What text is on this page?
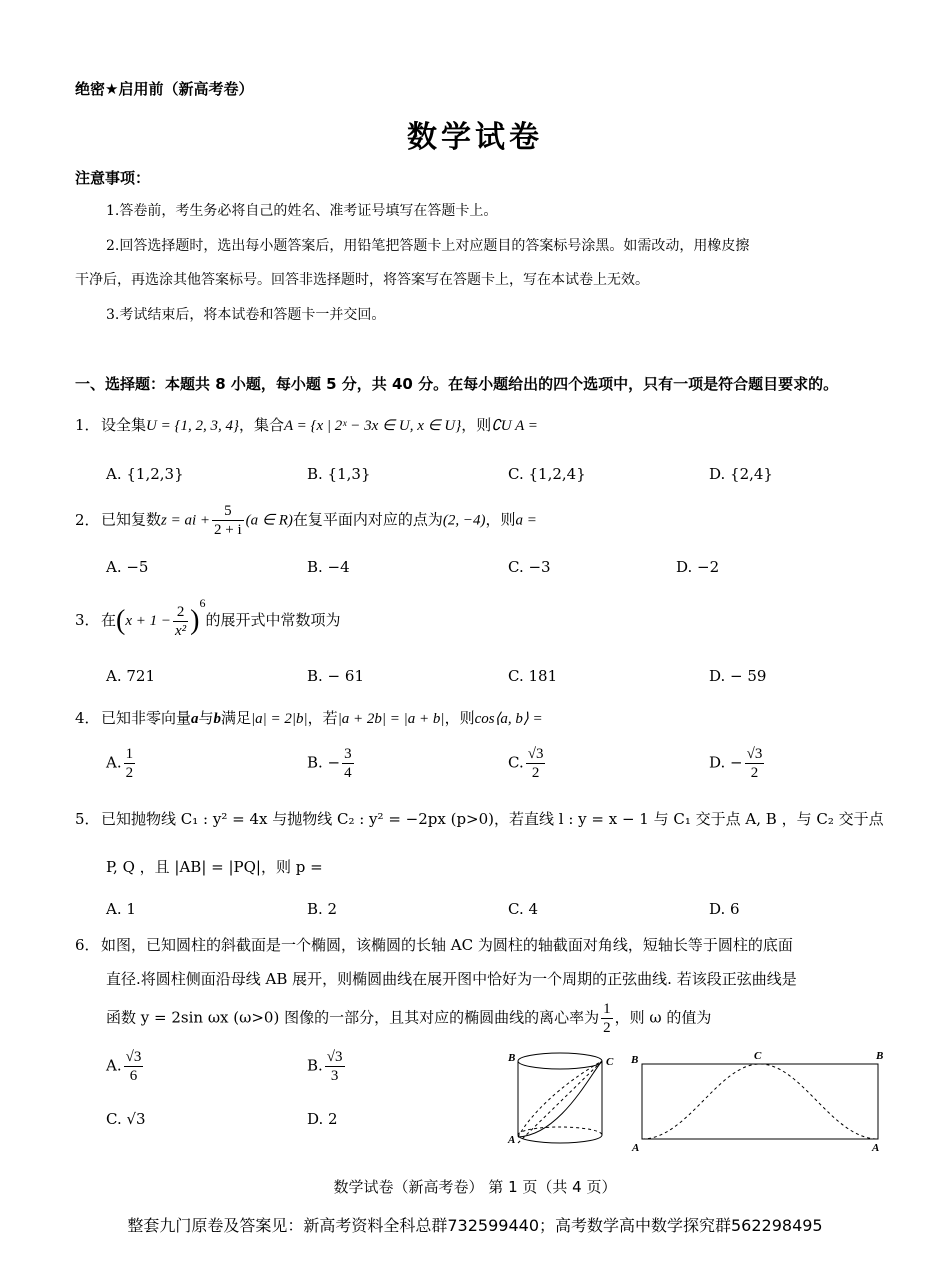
绝密★启用前（新高考卷）
数学试卷
注意事项：
1.答卷前，考生务必将自己的姓名、准考证号填写在答题卡上。
2.回答选择题时，选出每小题答案后，用铅笔把答题卡上对应题目的答案标号涂黑。如需改动，用橡皮擦
干净后，再选涂其他答案标号。回答非选择题时，将答案写在答题卡上，写在本试卷上无效。
3.考试结束后，将本试卷和答题卡一并交回。
一、选择题：本题共 8 小题，每小题 5 分，共 40 分。在每小题给出的四个选项中，只有一项是符合题目要求的。
1．设全集U = {1, 2, 3, 4}，集合A = {x | 2ˣ − 3x ∈ U, x ∈ U}，则∁U A =
A. {1,2,3}	B. {1,3}	C. {1,2,4}	D. {2,4}
2．已知复数z = ai + $\frac{5}{2 + i} (a$ ∈ R)在复平面内对应的点为(2, −4)，则a =
A. −5	B. −4	C. −3	D. −2
3．在$(x + 1 - \frac{2}{\text{x²}} )^6$的展开式中常数项为
A. 721	B. − 61	C. 181	D. − 59
4．已知非零向量a与b满足|a| = 2|b|，若|a + 2b| = |a + b|，则cos⟨a, b⟩ =
A. $\frac{1}{2}$	B. − $\frac{3}{4}$	C. $\frac{√3}{2}$	D. − $\frac{√3}{2}$
5．已知抛物线 C₁ : y² = 4x 与抛物线 C₂ : y² = −2px (p>0)，若直线 l : y = x − 1 与 C₁ 交于点 A, B ，与 C₂ 交于点
P, Q ，且 |AB| = |PQ|，则 p =
A. 1	B. 2	C. 4	D. 6
6．如图，已知圆柱的斜截面是一个椭圆，该椭圆的长轴 AC 为圆柱的轴截面对角线，短轴长等于圆柱的底面
直径.将圆柱侧面沿母线 AB 展开，则椭圆曲线在展开图中恰好为一个周期的正弦曲线. 若该段正弦曲线是
函数 y = 2sin ωx (ω>0) 图像的一部分，且其对应的椭圆曲线的离心率为 $\frac{1}{2}$ ，则 ω 的值为
A. $\frac{√3}{6}$	B. $\frac{√3}{3}$
C. √3	D. 2
B	C
A
B	B
C
A	A
数学试卷（新高考卷） 第 1 页（共 4 页）
整套九门原卷及答案见：新高考资料全科总群732599440；高考数学高中数学探究群562298495
